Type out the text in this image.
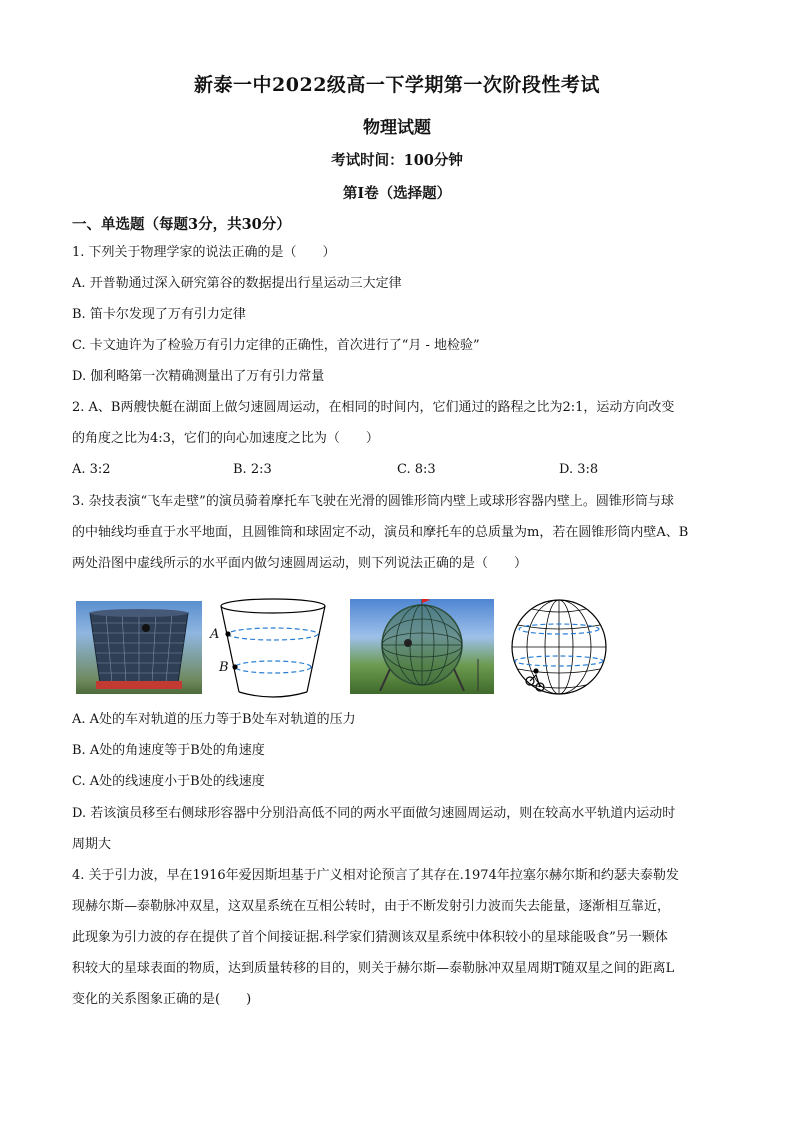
新泰一中2022级高一下学期第一次阶段性考试
物理试题
考试时间：100分钟
第I卷（选择题）
一、单选题（每题3分，共30分）
1. 下列关于物理学家的说法正确的是（　　）
A. 开普勒通过深入研究第谷的数据提出行星运动三大定律
B. 笛卡尔发现了万有引力定律
C. 卡文迪许为了检验万有引力定律的正确性，首次进行了“月 - 地检验”
D. 伽利略第一次精确测量出了万有引力常量
2. A、B两艘快艇在湖面上做匀速圆周运动，在相同的时间内，它们通过的路程之比为2:1，运动方向改变
的角度之比为4:3，它们的向心加速度之比为（　　）
A. 3:2	B. 2:3	C. 8:3	D. 3:8
3. 杂技表演“飞车走壁”的演员骑着摩托车飞驶在光滑的圆锥形筒内壁上或球形容器内壁上。圆锥形筒与球
的中轴线均垂直于水平地面，且圆锥筒和球固定不动，演员和摩托车的总质量为m，若在圆锥形筒内壁A、B
两处沿图中虚线所示的水平面内做匀速圆周运动，则下列说法正确的是（　　）
A
B
A. A处的车对轨道的压力等于B处车对轨道的压力
B. A处的角速度等于B处的角速度
C. A处的线速度小于B处的线速度
D. 若该演员移至右侧球形容器中分别沿高低不同的两水平面做匀速圆周运动，则在较高水平轨道内运动时
周期大
4. 关于引力波，早在1916年爱因斯坦基于广义相对论预言了其存在.1974年拉塞尔赫尔斯和约瑟夫泰勒发
现赫尔斯—泰勒脉冲双星，这双星系统在互相公转时，由于不断发射引力波而失去能量，逐渐相互靠近，
此现象为引力波的存在提供了首个间接证据.科学家们猜测该双星系统中体积较小的星球能吸食”另一颗体
积较大的星球表面的物质，达到质量转移的目的，则关于赫尔斯—泰勒脉冲双星周期T随双星之间的距离L
变化的关系图象正确的是(　　)
